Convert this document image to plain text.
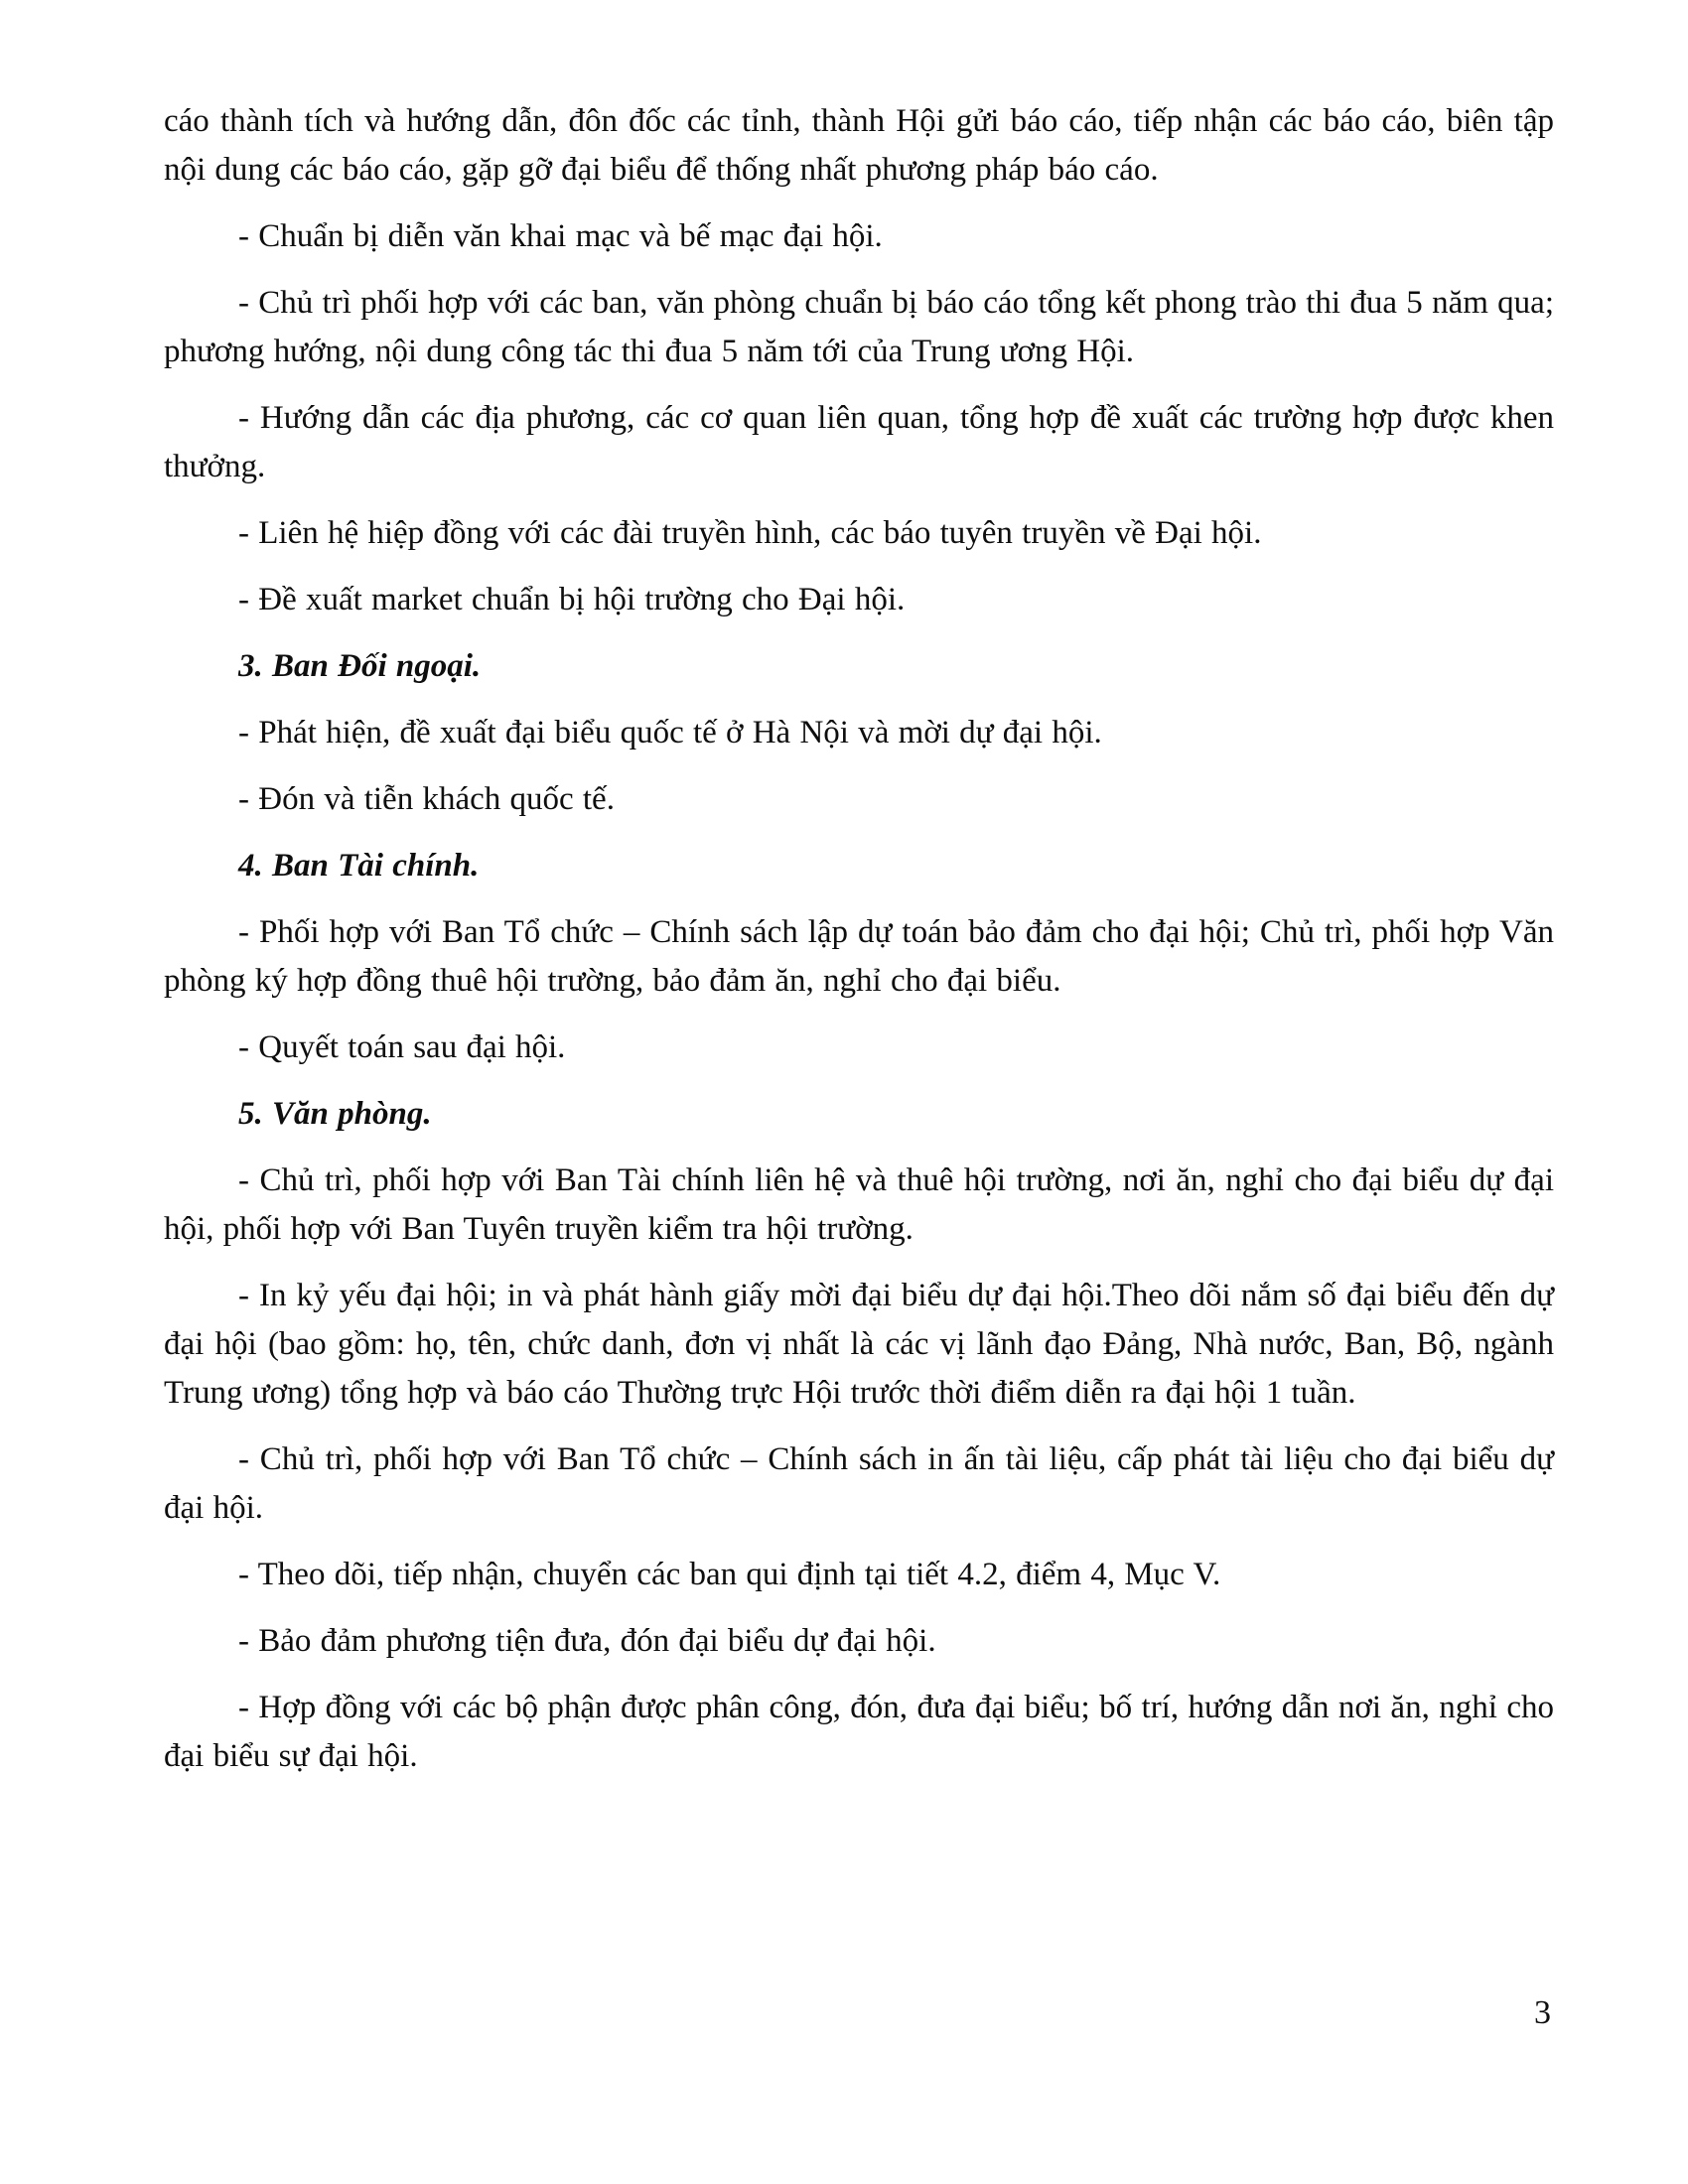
cáo thành tích và hướng dẫn, đôn đốc các tỉnh, thành Hội gửi báo cáo, tiếp nhận các báo cáo, biên tập nội dung các báo cáo, gặp gỡ đại biểu để thống nhất phương pháp báo cáo.

- Chuẩn bị diễn văn khai mạc và bế mạc đại hội.

- Chủ trì phối hợp với các ban, văn phòng chuẩn bị báo cáo tổng kết phong trào thi đua 5 năm qua; phương hướng, nội dung công tác thi đua 5 năm tới của Trung ương Hội.

- Hướng dẫn các địa phương, các cơ quan liên quan, tổng hợp đề xuất các trường hợp được khen thưởng.

- Liên hệ hiệp đồng với các đài truyền hình, các báo tuyên truyền về Đại hội.

- Đề xuất market chuẩn bị hội trường cho Đại hội.

3. Ban Đối ngoại.

- Phát hiện, đề xuất đại biểu quốc tế ở Hà Nội và mời dự đại hội.

- Đón và tiễn khách quốc tế.

4. Ban Tài chính.

- Phối hợp với Ban Tổ chức – Chính sách lập dự toán bảo đảm cho đại hội; Chủ trì, phối hợp Văn phòng ký hợp đồng thuê hội trường, bảo đảm ăn, nghỉ cho đại biểu.

- Quyết toán sau đại hội.

5. Văn phòng.

- Chủ trì, phối hợp với Ban Tài chính liên hệ và thuê hội trường, nơi ăn, nghỉ cho đại biểu dự đại hội, phối hợp với Ban Tuyên truyền kiểm tra hội trường.

- In kỷ yếu đại hội; in và phát hành giấy mời đại biểu dự đại hội.Theo dõi nắm số đại biểu đến dự đại hội (bao gồm: họ, tên, chức danh, đơn vị nhất là các vị lãnh đạo Đảng, Nhà nước, Ban, Bộ, ngành Trung ương) tổng hợp và báo cáo Thường trực Hội trước thời điểm diễn ra đại hội 1 tuần.

- Chủ trì, phối hợp với Ban Tổ chức – Chính sách in ấn tài liệu, cấp phát tài liệu cho đại biểu dự đại hội.

- Theo dõi, tiếp nhận, chuyển các ban qui định tại tiết 4.2, điểm 4, Mục V.

- Bảo đảm phương tiện đưa, đón đại biểu dự đại hội.

- Hợp đồng với các bộ phận được phân công, đón, đưa đại biểu; bố trí, hướng dẫn nơi ăn, nghỉ cho đại biểu sự đại hội.

3
